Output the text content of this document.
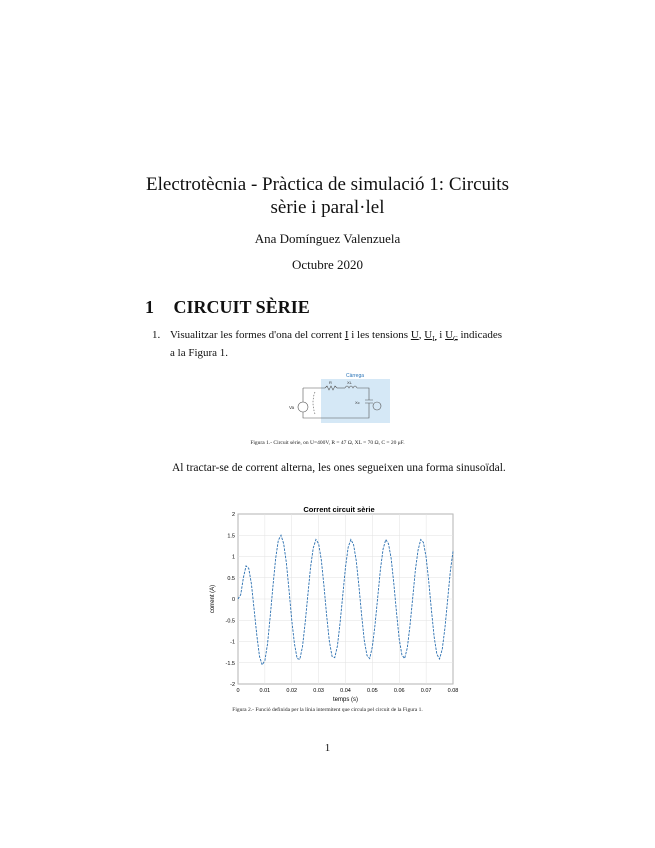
Electrotècnia - Pràctica de simulació 1: Circuits
sèrie i paral·lel
Ana Domínguez Valenzuela
Octubre 2020
1 CIRCUIT SÈRIE
1. Visualitzar les formes d'ona del corrent I i les tensions U, $U_L$ i $U_C$ indicades
a la Figura 1.
Càrrega
Va
R	XL
Xc
Figura 1.- Circuit sèrie, on U=400V, R = 47 Ω, XL = 70 Ω, C = 20 μF.
Al tractar-se de corrent alterna, les ones segueixen una forma sinusoïdal.
Corrent circuit sèrie
0	0.01	0.02	0.03	0.04	0.05	0.06	0.07	0.08
2
1.5
1
0.5
0
-0.5
-1
-1.5
-2
temps (s)
corrent (A)
Figura 2.- Funció definida per la línia intermitent que circula pel circuit de la Figura 1.
1
